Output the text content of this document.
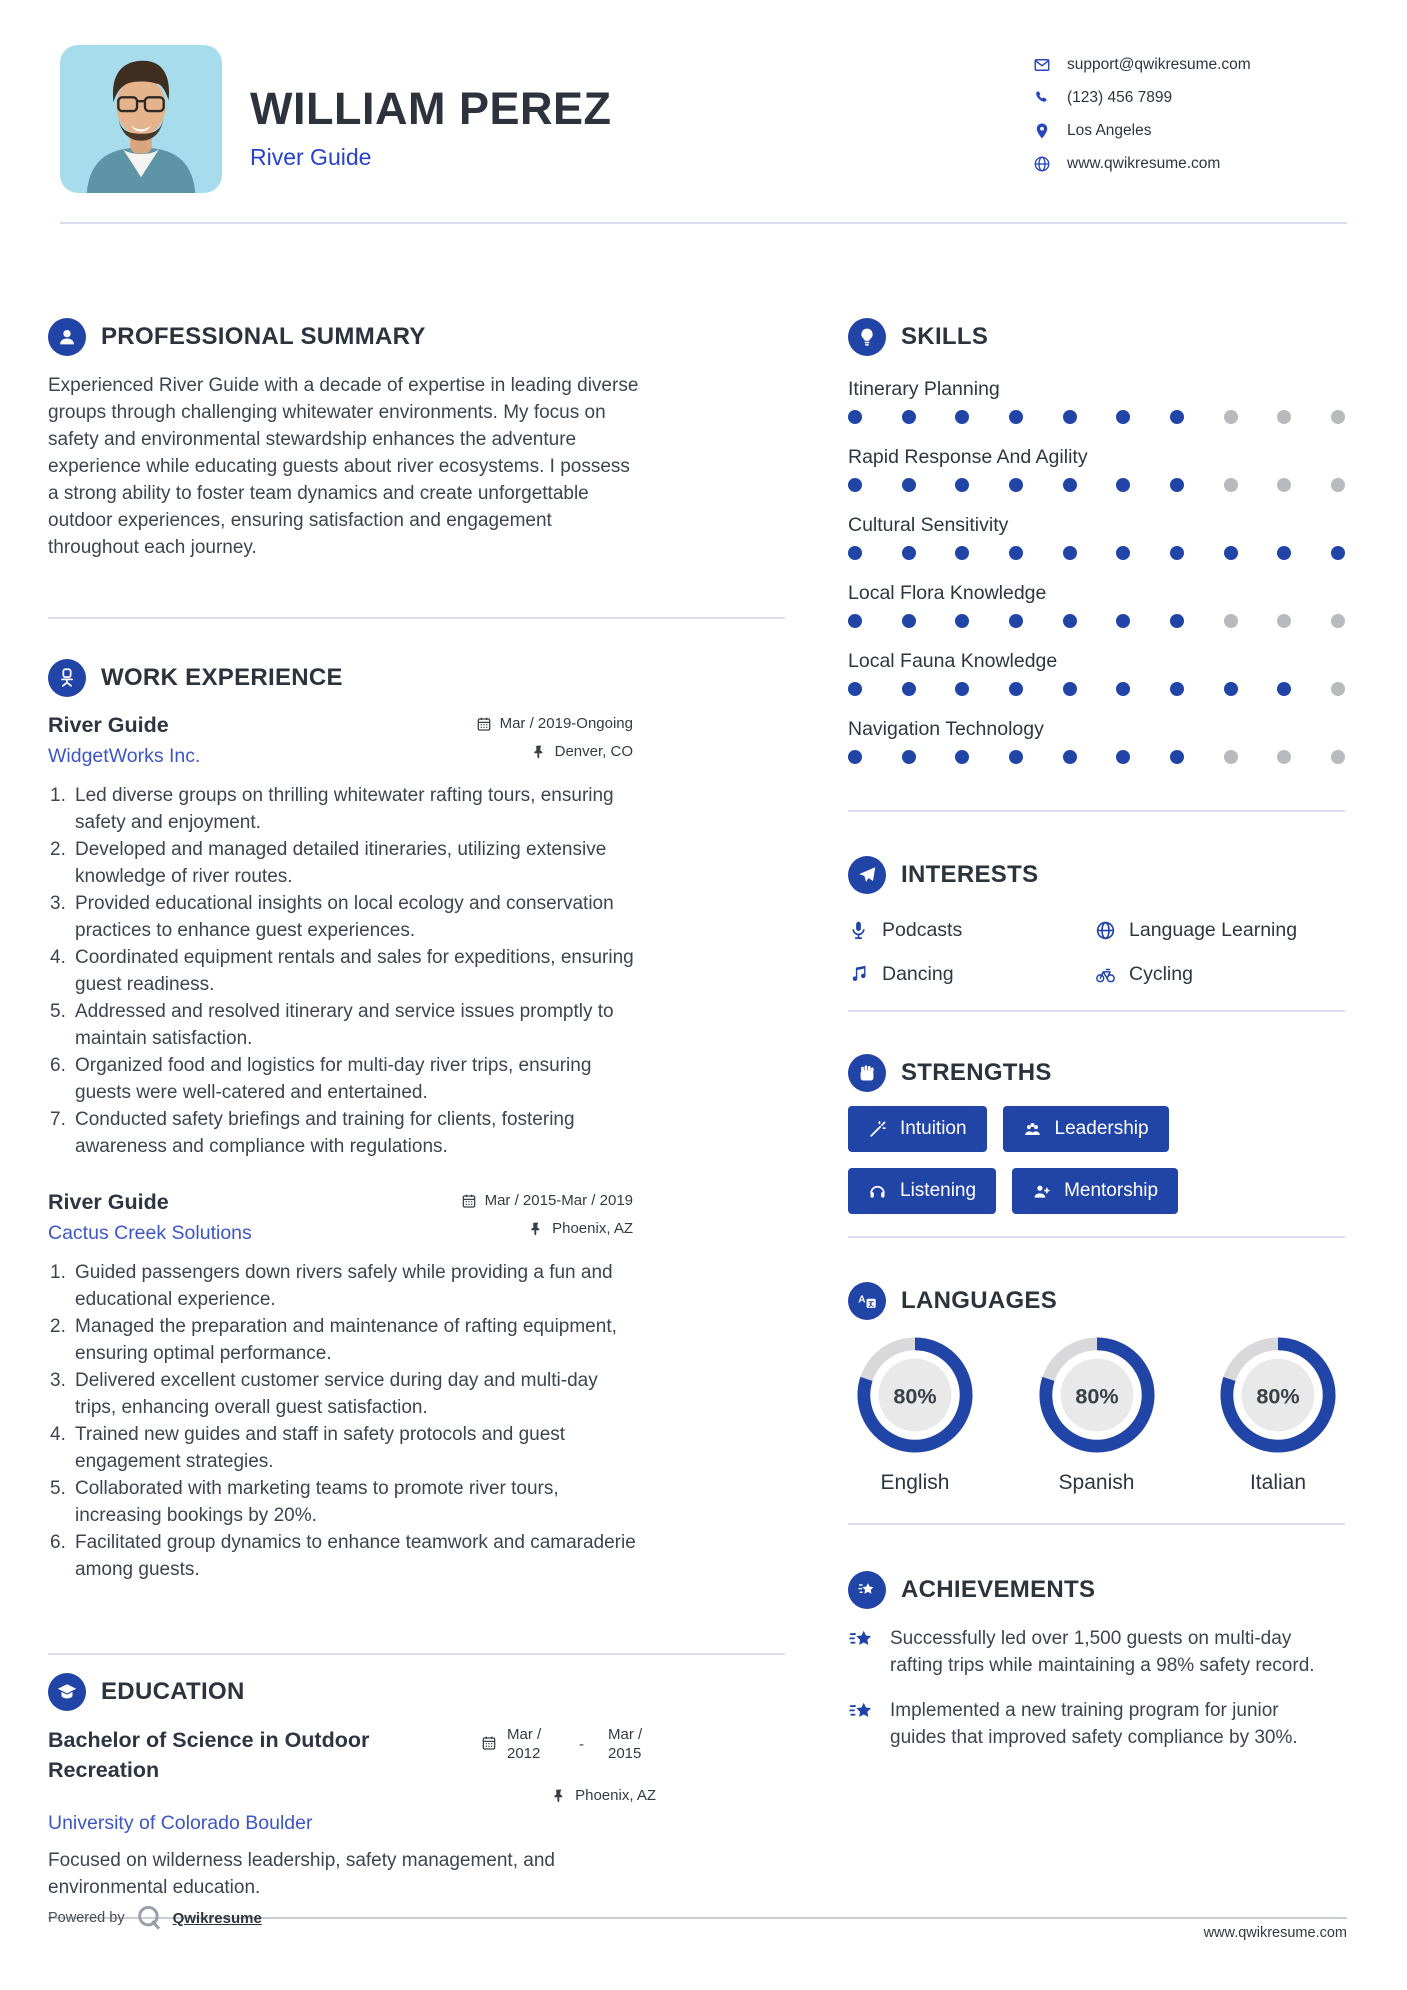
WILLIAM PEREZ
River Guide
support@qwikresume.com
(123) 456 7899
Los Angeles
www.qwikresume.com
PROFESSIONAL SUMMARY

Experienced River Guide with a decade of expertise in leading diverse groups through challenging whitewater environments. My focus on safety and environmental stewardship enhances the adventure experience while educating guests about river ecosystems. I possess a strong ability to foster team dynamics and create unforgettable outdoor experiences, ensuring satisfaction and engagement throughout each journey.

WORK EXPERIENCE
River Guide
WidgetWorks Inc.
Mar / 2019-Ongoing
Denver, CO
Led diverse groups on thrilling whitewater rafting tours, ensuring safety and enjoyment.
Developed and managed detailed itineraries, utilizing extensive knowledge of river routes.
Provided educational insights on local ecology and conservation practices to enhance guest experiences.
Coordinated equipment rentals and sales for expeditions, ensuring guest readiness.
Addressed and resolved itinerary and service issues promptly to maintain satisfaction.
Organized food and logistics for multi-day river trips, ensuring guests were well-catered and entertained.
Conducted safety briefings and training for clients, fostering awareness and compliance with regulations.
River Guide
Cactus Creek Solutions
Mar / 2015-Mar / 2019
Phoenix, AZ
Guided passengers down rivers safely while providing a fun and educational experience.
Managed the preparation and maintenance of rafting equipment, ensuring optimal performance.
Delivered excellent customer service during day and multi-day trips, enhancing overall guest satisfaction.
Trained new guides and staff in safety protocols and guest engagement strategies.
Collaborated with marketing teams to promote river tours, increasing bookings by 20%.
Facilitated group dynamics to enhance teamwork and camaraderie among guests.
EDUCATION
Bachelor of Science in Outdoor Recreation
Mar / 2012
-
Mar / 2015
Phoenix, AZ
University of Colorado Boulder

Focused on wilderness leadership, safety management, and environmental education.

SKILLS
Itinerary Planning
Rapid Response And Agility
Cultural Sensitivity
Local Flora Knowledge
Local Fauna Knowledge
Navigation Technology
INTERESTS
Podcasts	Language Learning
Dancing	Cycling
STRENGTHS
Intuition	Leadership
Listening	Mentorship
A LANGUAGES
80%
English
80%
Spanish
80%
Italian
ACHIEVEMENTS

Successfully led over 1,500 guests on multi-day rafting trips while maintaining a 98% safety record.

Implemented a new training program for junior guides that improved safety compliance by 30%.

Powered by	Qwikresume
www.qwikresume.com
